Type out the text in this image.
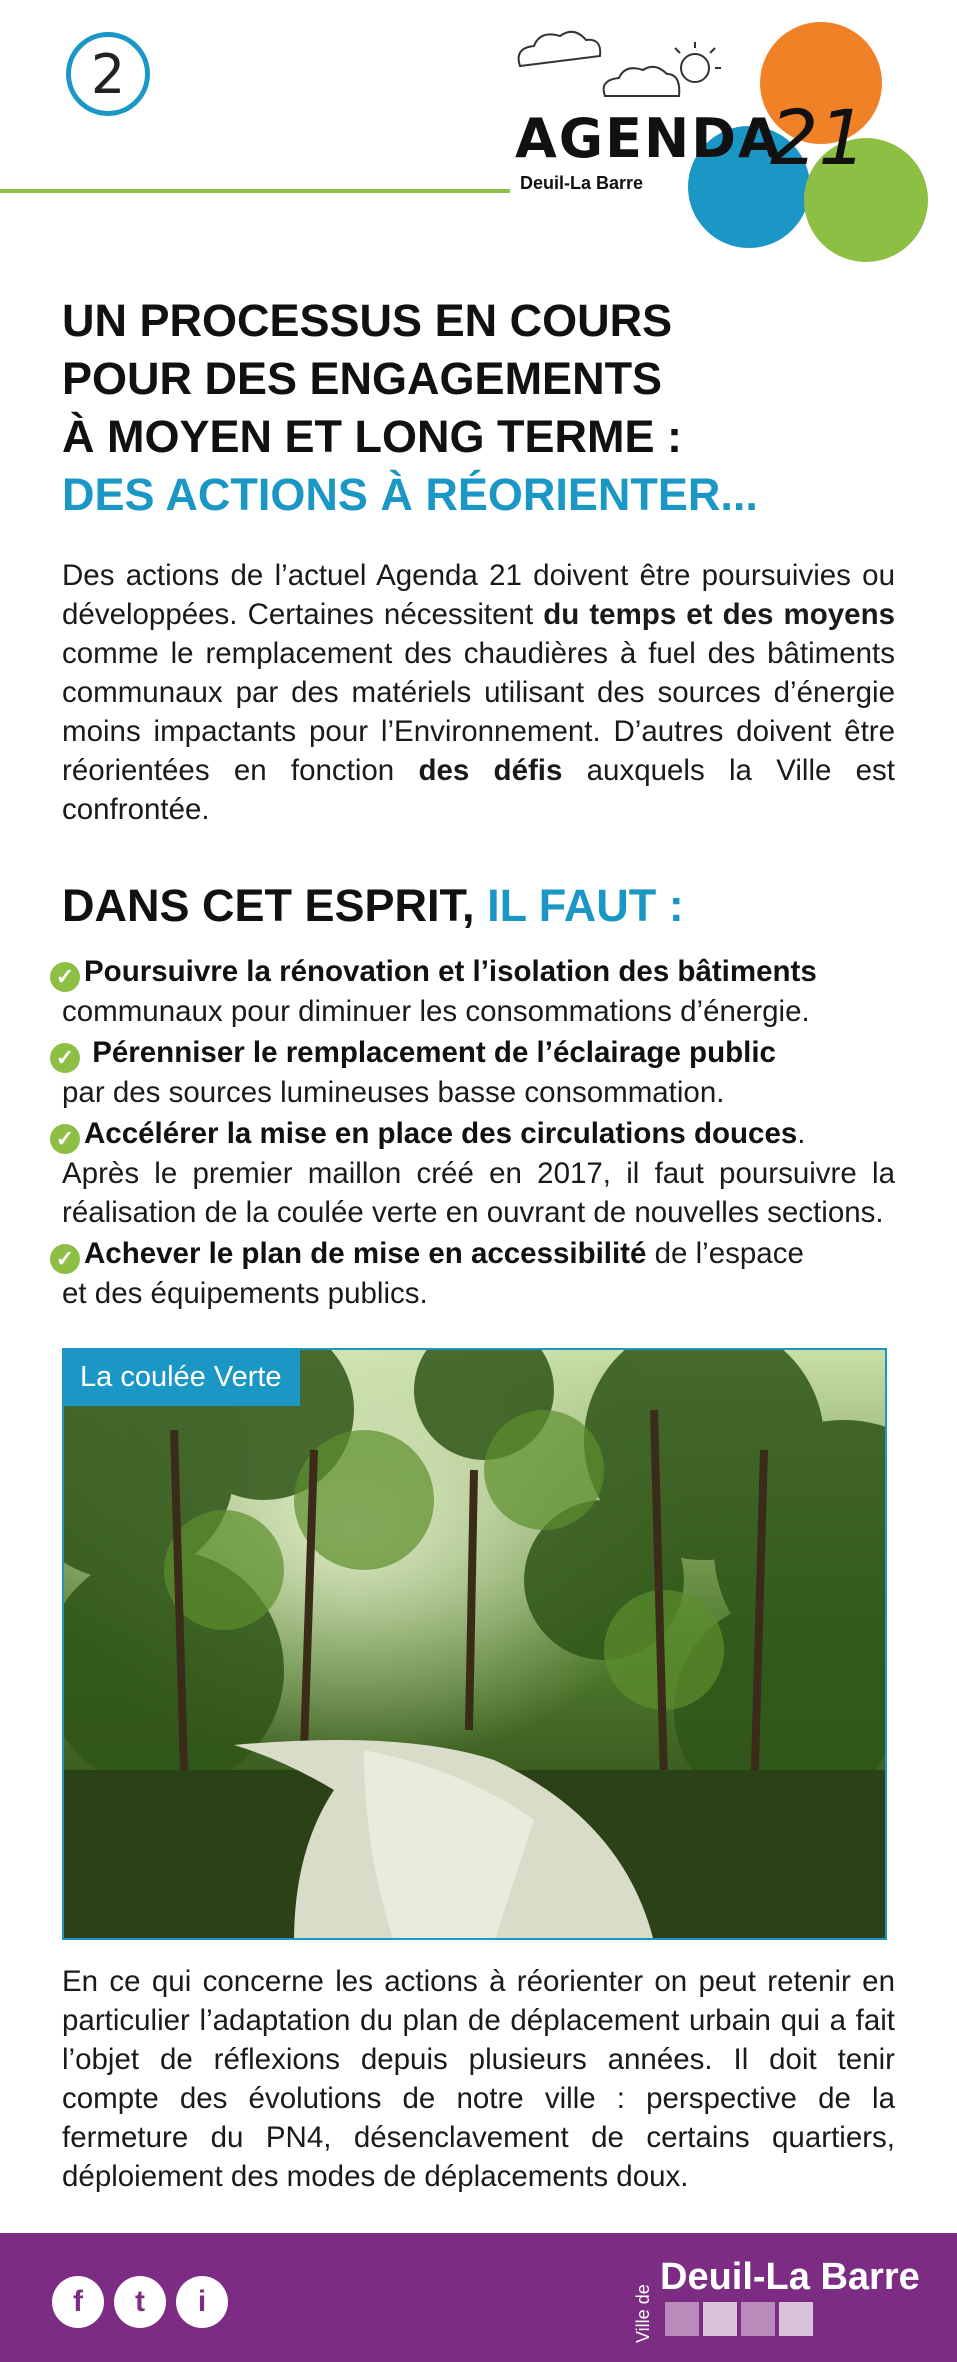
2
AGENDA
21
Deuil-La Barre
UN PROCESSUS EN COURS
POUR DES ENGAGEMENTS
À MOYEN ET LONG TERME :
DES ACTIONS À RÉORIENTER...
Des actions de l’actuel Agenda 21 doivent être poursuivies ou développées. Certaines nécessitent du temps et des moyens comme le remplacement des chaudières à fuel des bâtiments communaux par des matériels utilisant des sources d’énergie moins impactants pour l’Environnement. D’autres doivent être réorientées en fonction des défis auxquels la Ville est confrontée.
DANS CET ESPRIT, IL FAUT :
✓ Poursuivre la rénovation et l’isolation des bâtiments
communaux pour diminuer les consommations d’énergie.
✓ Pérenniser le remplacement de l’éclairage public
par des sources lumineuses basse consommation.
✓ Accélérer la mise en place des circulations douces.
Après le premier maillon créé en 2017, il faut poursuivre la réalisation de la coulée verte en ouvrant de nouvelles sections.
✓ Achever le plan de mise en accessibilité de l’espace
et des équipements publics.
La coulée Verte
En ce qui concerne les actions à réorienter on peut retenir en particulier l’adaptation du plan de déplacement urbain qui a fait l’objet de réflexions depuis plusieurs années. Il doit tenir compte des évolutions de notre ville : perspective de la fermeture du PN4, désenclavement de certains quartiers, déploiement des modes de déplacements doux.
f	t	i	Ville de
Deuil-La Barre
